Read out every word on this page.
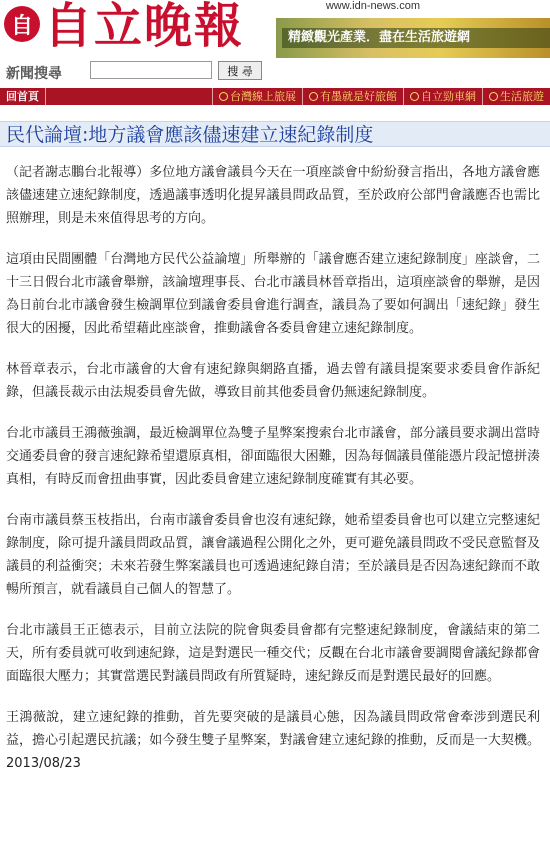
自 自立晚報	www.idn-news.com
精緻觀光產業．盡在生活旅遊網
新聞搜尋	搜 尋
回首頁	台灣線上旅展	有墨就是好旅館	自立勁車網	生活旅遊
民代論壇:地方議會應該儘速建立速紀錄制度

（記者謝志鵬台北報導）多位地方議會議員今天在一項座談會中紛紛發言指出，各地方議會應該儘速建立速紀錄制度，透過議事透明化提昇議員問政品質，至於政府公部門會議應否也需比照辦理，則是未來值得思考的方向。

這項由民間團體「台灣地方民代公益論壇」所舉辦的「議會應否建立速紀錄制度」座談會，二十三日假台北市議會舉辦，該論壇理事長、台北市議員林晉章指出，這項座談會的舉辦，是因為日前台北市議會發生檢調單位到議會委員會進行調查，議員為了要如何調出「速紀錄」發生很大的困擾，因此希望藉此座談會，推動議會各委員會建立速紀錄制度。

林晉章表示，台北市議會的大會有速紀錄與網路直播，過去曾有議員提案要求委員會作訴紀錄，但議長裁示由法規委員會先做，導致目前其他委員會仍無速紀錄制度。

台北市議員王鴻薇強調，最近檢調單位為雙子星弊案搜索台北市議會，部分議員要求調出當時交通委員會的發言速紀錄希望還原真相，卻面臨很大困難，因為每個議員僅能憑片段記憶拼湊真相，有時反而會扭曲事實，因此委員會建立速紀錄制度確實有其必要。

台南市議員蔡玉枝指出，台南市議會委員會也沒有速紀錄，她希望委員會也可以建立完整速紀錄制度，除可提升議員問政品質，讓會議過程公開化之外，更可避免議員問政不受民意監督及議員的利益衝突；未來若發生弊案議員也可透過速紀錄自清；至於議員是否因為速紀錄而不敢暢所預言，就看議員自己個人的智慧了。

台北市議員王正德表示，目前立法院的院會與委員會都有完整速紀錄制度，會議結束的第二天，所有委員就可收到速紀錄，這是對選民一種交代；反觀在台北市議會要調閱會議紀錄都會面臨很大壓力；其實當選民對議員問政有所質疑時，速紀錄反而是對選民最好的回應。

王鴻薇說，建立速紀錄的推動，首先要突破的是議員心態，因為議員問政常會牽涉到選民利益，擔心引起選民抗議；如今發生雙子星弊案，對議會建立速紀錄的推動，反而是一大契機。2013/08/23
